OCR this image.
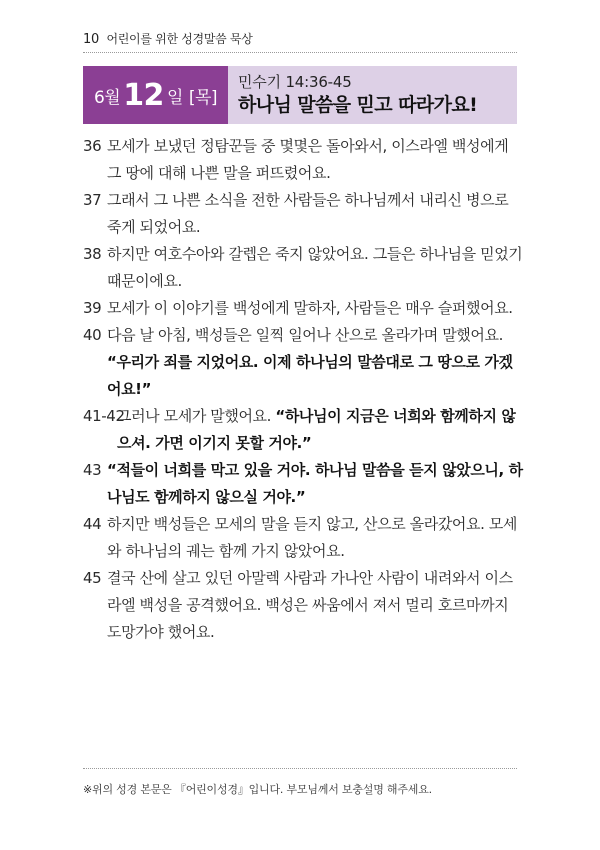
10 어린이를 위한 성경말씀 묵상
6월 12 일 [목]
민수기 14:36-45
하나님 말씀을 믿고 따라가요!
36 모세가 보냈던 정탐꾼들 중 몇몇은 돌아와서, 이스라엘 백성에게 그 땅에 대해 나쁜 말을 퍼뜨렸어요.
37 그래서 그 나쁜 소식을 전한 사람들은 하나님께서 내리신 병으로 죽게 되었어요.
38 하지만 여호수아와 갈렙은 죽지 않았어요. 그들은 하나님을 믿었기 때문이에요.
39 모세가 이 이야기를 백성에게 말하자, 사람들은 매우 슬퍼했어요.
40 다음 날 아침, 백성들은 일찍 일어나 산으로 올라가며 말했어요. “우리가 죄를 지었어요. 이제 하나님의 말씀대로 그 땅으로 가겠어요!”
41-42
그러나 모세가 말했어요. “하나님이 지금은 너희와 함께하지 않으셔. 가면 이기지 못할 거야.”
43 “적들이 너희를 막고 있을 거야. 하나님 말씀을 듣지 않았으니, 하나님도 함께하지 않으실 거야.”
44 하지만 백성들은 모세의 말을 듣지 않고, 산으로 올라갔어요. 모세와 하나님의 궤는 함께 가지 않았어요.
45 결국 산에 살고 있던 아말렉 사람과 가나안 사람이 내려와서 이스라엘 백성을 공격했어요. 백성은 싸움에서 져서 멀리 호르마까지 도망가야 했어요.
※위의 성경 본문은 『어린이성경』입니다. 부모님께서 보충설명 해주세요.
